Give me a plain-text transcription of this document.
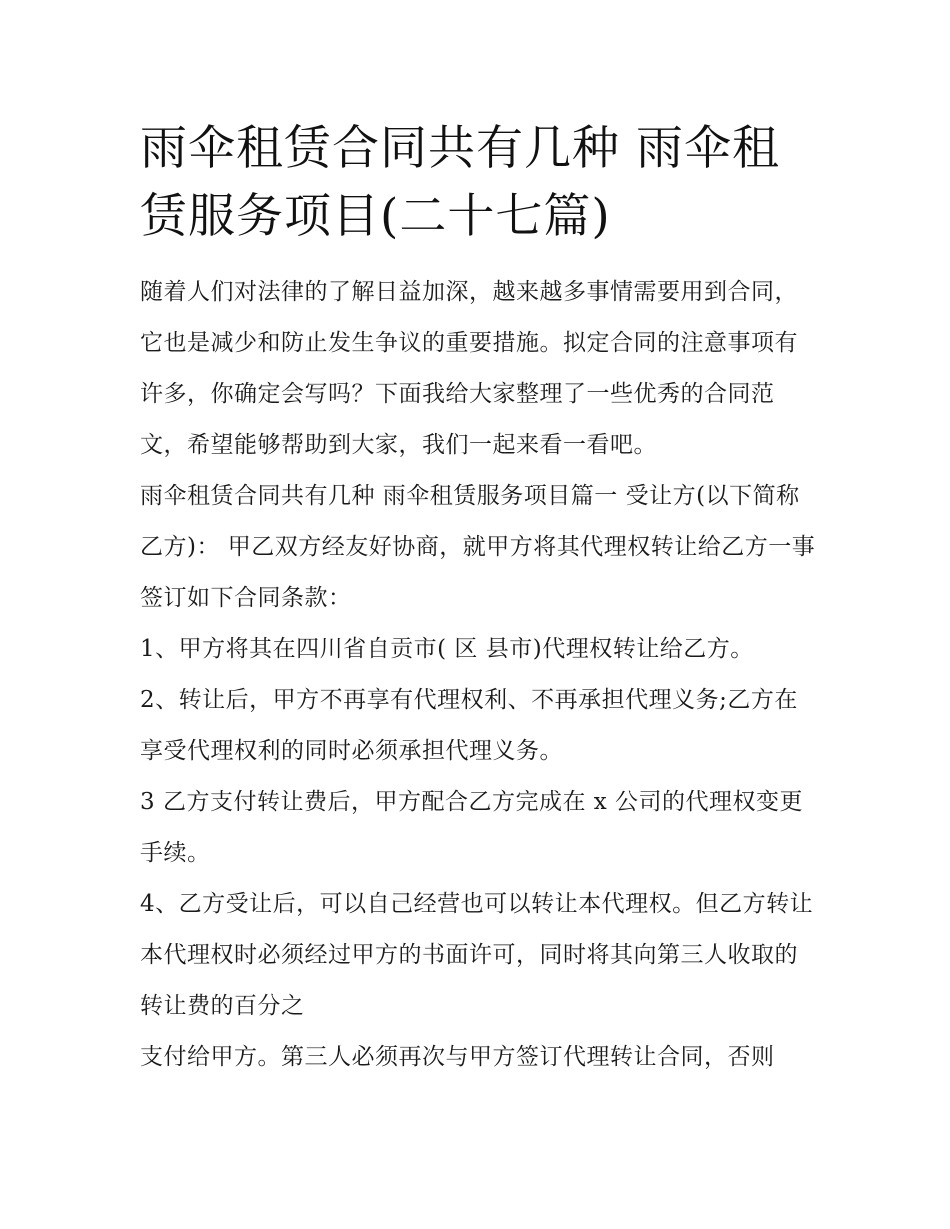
雨伞租赁合同共有几种 雨伞租赁服务项目(二十七篇)

随着人们对法律的了解日益加深，越来越多事情需要用到合同，它也是减少和防止发生争议的重要措施。拟定合同的注意事项有许多，你确定会写吗？下面我给大家整理了一些优秀的合同范文，希望能够帮助到大家，我们一起来看一看吧。

雨伞租赁合同共有几种 雨伞租赁服务项目篇一 受让方(以下简称乙方)： 甲乙双方经友好协商，就甲方将其代理权转让给乙方一事签订如下合同条款：

1、甲方将其在四川省自贡市( 区 县市)代理权转让给乙方。

2、转让后，甲方不再享有代理权利、不再承担代理义务;乙方在享受代理权利的同时必须承担代理义务。

3 乙方支付转让费后，甲方配合乙方完成在 x 公司的代理权变更手续。

4、乙方受让后，可以自己经营也可以转让本代理权。但乙方转让本代理权时必须经过甲方的书面许可，同时将其向第三人收取的转让费的百分之

支付给甲方。第三人必须再次与甲方签订代理转让合同，否则
